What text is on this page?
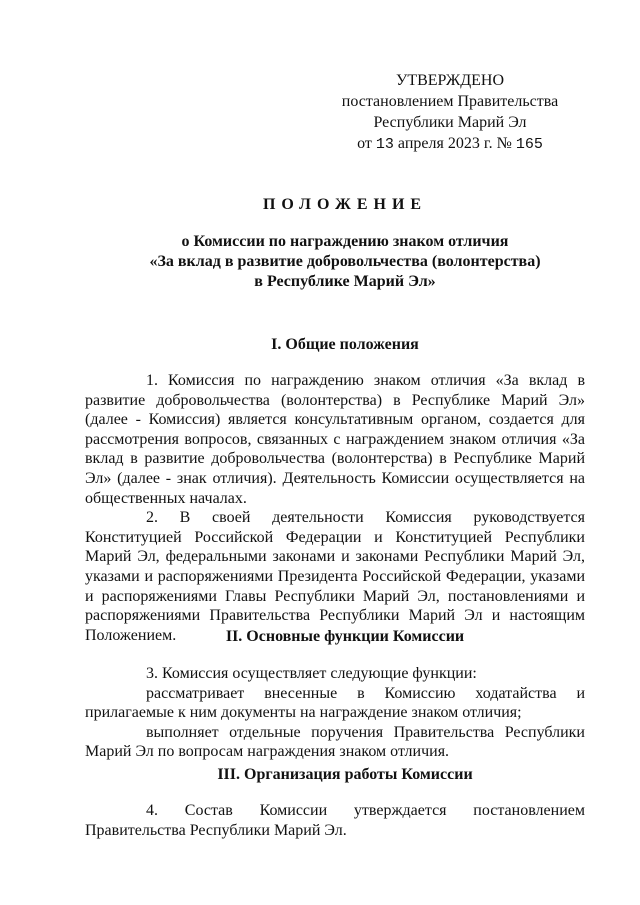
УТВЕРЖДЕНО
постановлением Правительства
Республики Марий Эл
от 13 апреля 2023 г. № 165
ПОЛОЖЕНИЕ
о Комиссии по награждению знаком отличия
«За вклад в развитие добровольчества (волонтерства)
в Республике Марий Эл»
I. Общие положения

1. Комиссия по награждению знаком отличия «За вклад в развитие добровольчества (волонтерства) в Республике Марий Эл» (далее - Комиссия) является консультативным органом, создается для рассмотрения вопросов, связанных с награждением знаком отличия «За вклад в развитие добровольчества (волонтерства) в Республике Марий Эл» (далее - знак отличия). Деятельность Комиссии осуществляется на общественных началах.

2. В своей деятельности Комиссия руководствуется Конституцией Российской Федерации и Конституцией Республики Марий Эл, федеральными законами и законами Республики Марий Эл, указами и распоряжениями Президента Российской Федерации, указами и распоряжениями Главы Республики Марий Эл, постановлениями и распоряжениями Правительства Республики Марий Эл и настоящим Положением.	II. Основные функции Комиссии

3. Комиссия осуществляет следующие функции:

рассматривает внесенные в Комиссию ходатайства и прилагаемые к ним документы на награждение знаком отличия;

выполняет отдельные поручения Правительства Республики Марий Эл по вопросам награждения знаком отличия.

III. Организация работы Комиссии

4. Состав Комиссии утверждается постановлением Правительства Республики Марий Эл.
